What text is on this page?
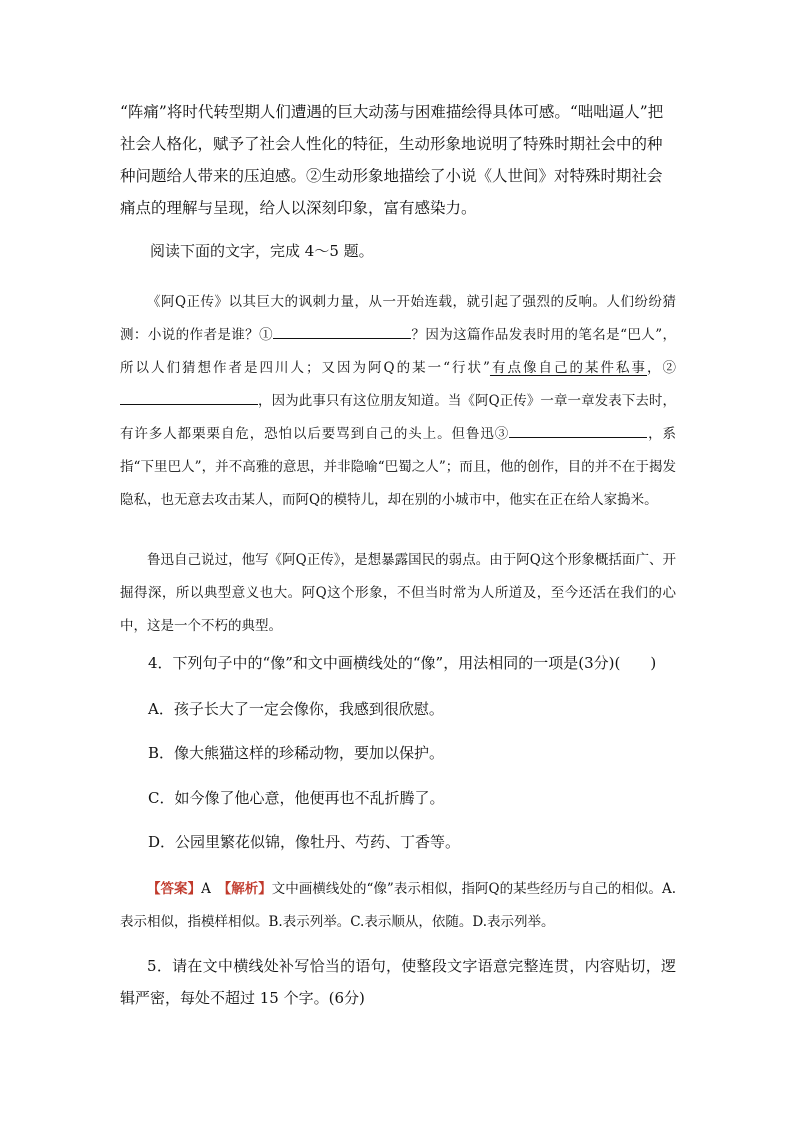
“阵痛”将时代转型期人们遭遇的巨大动荡与困难描绘得具体可感。“咄咄逼人”把社会人格化，赋予了社会人性化的特征，生动形象地说明了特殊时期社会中的种种问题给人带来的压迫感。②生动形象地描绘了小说《人世间》对特殊时期社会痛点的理解与呈现，给人以深刻印象，富有感染力。

阅读下面的文字，完成 4～5 题。

《阿Q正传》以其巨大的讽刺力量，从一开始连载，就引起了强烈的反响。人们纷纷猜测：小说的作者是谁？①	？因为这篇作品发表时用的笔名是“巴人”，所以人们猜想作者是四川人；又因为阿Q的某一“行状”有点像自己的某件私事，②，因为此事只有这位朋友知道。当《阿Q正传》一章一章发表下去时，有许多人都栗栗自危，恐怕以后要骂到自己的头上。但鲁迅③	，系指“下里巴人”，并不高雅的意思，并非隐喻“巴蜀之人”；而且，他的创作，目的并不在于揭发隐私，也无意去攻击某人，而阿Q的模特儿，却在别的小城市中，他实在正在给人家搗米。

鲁迅自己说过，他写《阿Q正传》，是想暴露国民的弱点。由于阿Q这个形象概括面广、开掘得深，所以典型意义也大。阿Q这个形象，不但当时常为人所道及，至今还活在我们的心中，这是一个不朽的典型。

4．下列句子中的“像”和文中画横线处的“像”，用法相同的一项是(3分)(　　)

A．孩子长大了一定会像你，我感到很欣慰。

B．像大熊猫这样的珍稀动物，要加以保护。

C．如今像了他心意，他便再也不乱折腾了。

D．公园里繁花似锦，像牡丹、芍药、丁香等。

【答案】A　【解析】文中画横线处的“像”表示相似，指阿Q的某些经历与自己的相似。A.表示相似，指模样相似。B.表示列举。C.表示顺从，依随。D.表示列举。

5．请在文中横线处补写恰当的语句，使整段文字语意完整连贯，内容贴切，逻辑严密，每处不超过 15 个字。(6分)
